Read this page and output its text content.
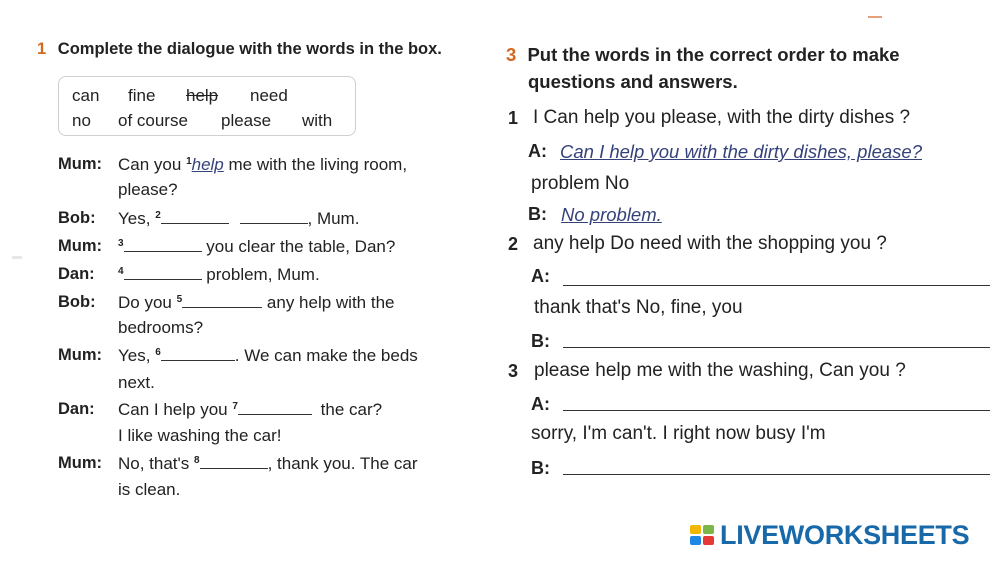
1 Complete the dialogue with the words in the box.
can fine help need
no of course please with
Mum: Can you $^1$help me with the living room,
please?
Bob: Yes, $^2$	, Mum.
Mum: $^3$	you clear the table, Dan?
Dan: $^4$	problem, Mum.
Bob: Do you $^5$	any help with the
bedrooms?
Mum: Yes, $^6$	. We can make the beds
next.
Dan: Can I help you $^7$	the car?
I like washing the car!
Mum: No, that's $^8$	, thank you. The car
is clean.
3 Put the words in the correct order to make
questions and answers.
1 I Can help you please, with the dirty dishes ?
A: Can I help you with the dirty dishes, please?
problem No
B: No problem.
2 any help Do need with the shopping you ?
A:
thank that's No, fine, you
B:
3 please help me with the washing, Can you ?
A:
sorry, I'm can't. I right now busy I'm
B:
LIVEWORKSHEETS
